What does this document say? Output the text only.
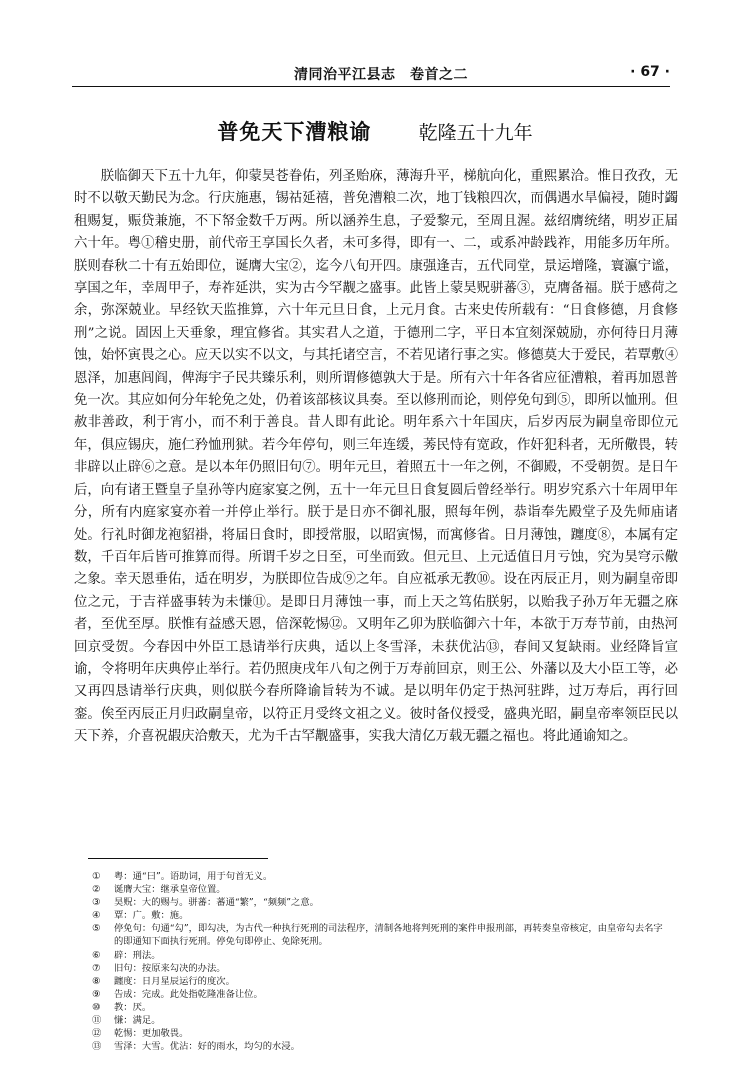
清同治平江县志　卷首之二	· 67 ·
普免天下漕粮谕 乾隆五十九年

朕临御天下五十九年，仰蒙昊苍眷佑，列圣贻庥，薄海升平，梯航向化，重熙累洽。惟日孜孜，无时不以敬天勤民为念。行庆施惠，锡祜延禧，普免漕粮二次，地丁钱粮四次，而偶遇水旱偏祲，随时蠲租赐复，赈贷兼施，不下帑金数千万两。所以涵养生息，子爱黎元，至周且渥。兹绍膺统绪，明岁正届六十年。粤①稽史册，前代帝王享国长久者，未可多得，即有一、二，或系冲龄践祚，用能多历年所。朕则春秋二十有五始即位，诞膺大宝②，迄今八旬开四。康强逢吉，五代同堂，景运增隆，寰瀛宁谧，享国之年，幸周甲子，寿祚延洪，实为古今罕觏之盛事。此皆上蒙昊贶骈蕃③，克膺备福。朕于感荷之余，弥深兢业。早经钦天监推算，六十年元旦日食，上元月食。古来史传所载有：“日食修德，月食修刑”之说。固因上天垂象，理宜修省。其实君人之道，于德刑二字，平日本宜刻深兢励，亦何待日月薄蚀，始怀寅畏之心。应天以实不以文，与其托诸空言，不若见诸行事之实。修德莫大于爱民，若覃敷④恩泽，加惠闾阎，俾海宇子民共臻乐利，则所谓修德孰大于是。所有六十年各省应征漕粮，着再加恩普免一次。其应如何分年轮免之处，仍着该部核议具奏。至以修刑而论，则停免句到⑤，即所以恤刑。但赦非善政，利于宵小，而不利于善良。昔人即有此论。明年系六十年国庆，后岁丙辰为嗣皇帝即位元年，俱应锡庆，施仁矜恤刑狱。若今年停句，则三年连缓，莠民恃有宽政，作奸犯科者，无所儆畏，转非辟以止辟⑥之意。是以本年仍照旧句⑦。明年元旦，着照五十一年之例，不御殿，不受朝贺。是日午后，向有诸王暨皇子皇孙等内庭家宴之例，五十一年元旦日食复圆后曾经举行。明岁究系六十年周甲年分，所有内庭家宴亦着一并停止举行。朕于是日亦不御礼服，照每年例，恭诣奉先殿堂子及先师庙诸处。行礼时御龙袍貂褂，将届日食时，即授常服，以昭寅惕，而寓修省。日月薄蚀，躔度⑧，本属有定数，千百年后皆可推算而得。所谓千岁之日至，可坐而致。但元旦、上元适值日月亏蚀，究为昊穹示儆之象。幸天恩垂佑，适在明岁，为朕即位告成⑨之年。自应祗承无教⑩。设在丙辰正月，则为嗣皇帝即位之元，于吉祥盛事转为未慊⑪。是即日月薄蚀一事，而上天之笃佑朕躬，以贻我子孙万年无疆之庥者，至优至厚。朕惟有益感天恩，倍深乾惕⑫。又明年乙卯为朕临御六十年，本欲于万寿节前，由热河回京受贺。今春因中外臣工恳请举行庆典，适以上冬雪泽，未获优沾⑬，春间又复缺雨。业经降旨宣谕，令将明年庆典停止举行。若仍照庚戌年八旬之例于万寿前回京，则王公、外藩以及大小臣工等，必又再四恳请举行庆典，则似朕今春所降谕旨转为不诚。是以明年仍定于热河驻跸，过万寿后，再行回銮。俟至丙辰正月归政嗣皇帝，以符正月受终文祖之义。彼时备仪授受，盛典光昭，嗣皇帝率领臣民以天下养，介喜祝嘏庆洽敷天，尤为千古罕觏盛事，实我大清亿万载无疆之福也。将此通谕知之。

① 粤：通“曰”。语助词，用于句首无义。
② 诞膺大宝：继承皇帝位置。
③ 昊贶：大的赐与。骈蕃：蕃通“繁”，“频频”之意。
④ 覃：广。敷：施。
⑤ 停免句：句通“勾”，即勾决，为古代一种执行死刑的司法程序，清制各地将判死刑的案件申报刑部，再转奏皇帝核定，由皇帝勾去名字的即通知下面执行死刑。停免句即停止、免除死刑。
⑥ 辟：刑法。
⑦ 旧句：按原来勾决的办法。
⑧ 躔度：日月星辰运行的度次。
⑨ 告成：完成。此处指乾隆准备让位。
⑩ 教：厌。
⑪ 慊：满足。
⑫ 乾惕：更加敬畏。
⑬ 雪泽：大雪。优沾：好的雨水，均匀的水浸。
